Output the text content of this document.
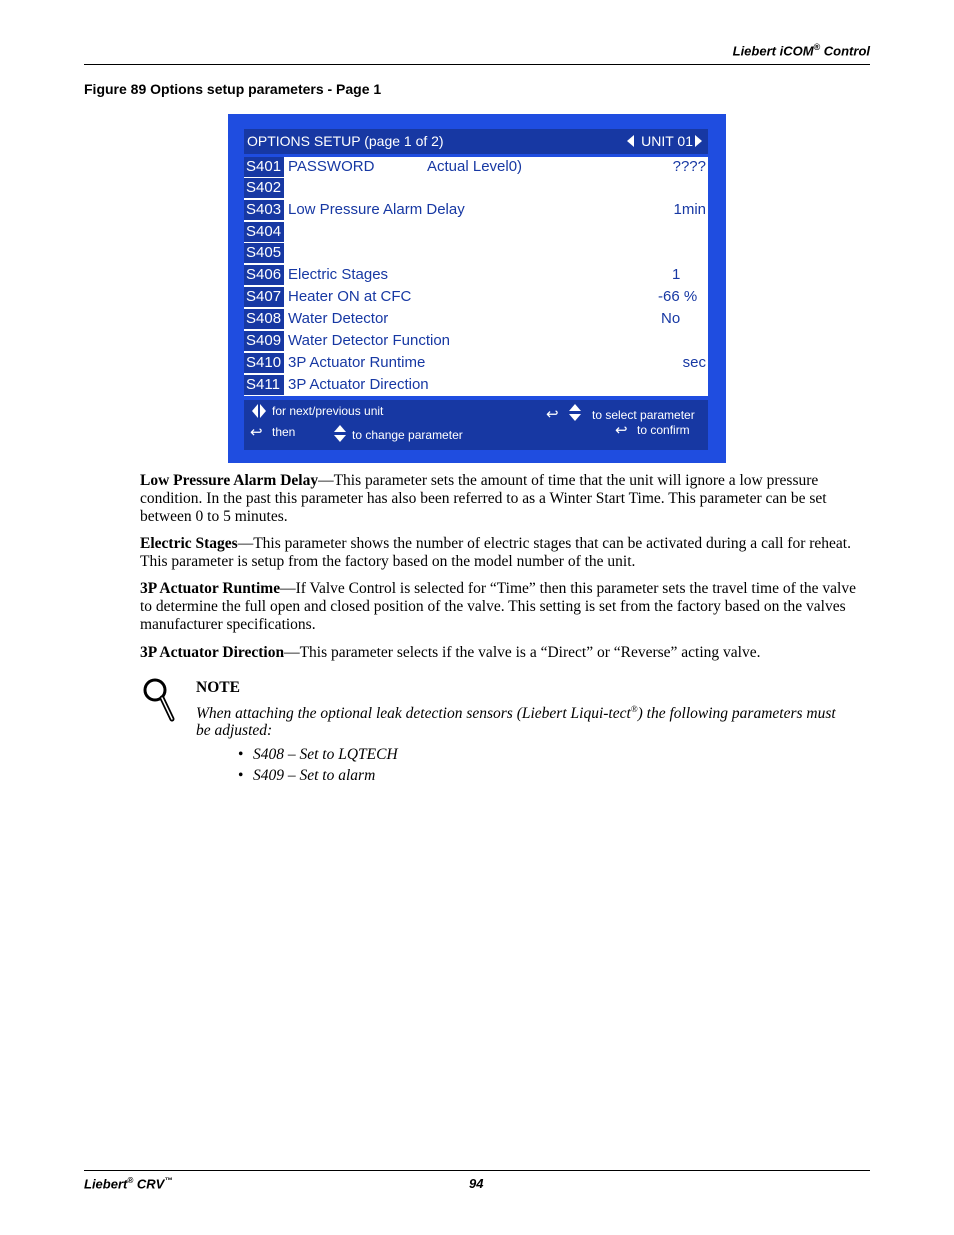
Liebert iCOM® Control
Figure 89 Options setup parameters - Page 1
OPTIONS SETUP (page 1 of 2)	UNIT 01
S401 PASSWORD	Actual Level0)	????
S402
S403 Low Pressure Alarm Delay	1min
S404
S405
S406 Electric Stages	1
S407 Heater ON at CFC	-66 %
S408 Water Detector	No
S409 Water Detector Function
S410 3P Actuator Runtime	sec
S411 3P Actuator Direction
for next/previous unit
↩ then	to change parameter
↩	to select parameter
↩ to confirm
Low Pressure Alarm Delay—This parameter sets the amount of time that the unit will ignore a low pressure condition. In the past this parameter has also been referred to as a Winter Start Time. This parameter can be set between 0 to 5 minutes.
Electric Stages—This parameter shows the number of electric stages that can be activated during a call for reheat. This parameter is setup from the factory based on the model number of the unit.
3P Actuator Runtime—If Valve Control is selected for “Time” then this parameter sets the travel time of the valve to determine the full open and closed position of the valve. This setting is set from the factory based on the valves manufacturer specifications.
3P Actuator Direction—This parameter selects if the valve is a “Direct” or “Reverse” acting valve.
NOTE
When attaching the optional leak detection sensors (Liebert Liqui-tect®) the following parameters must be adjusted:
• S408 – Set to LQTECH
• S409 – Set to alarm
Liebert® CRV™	94
